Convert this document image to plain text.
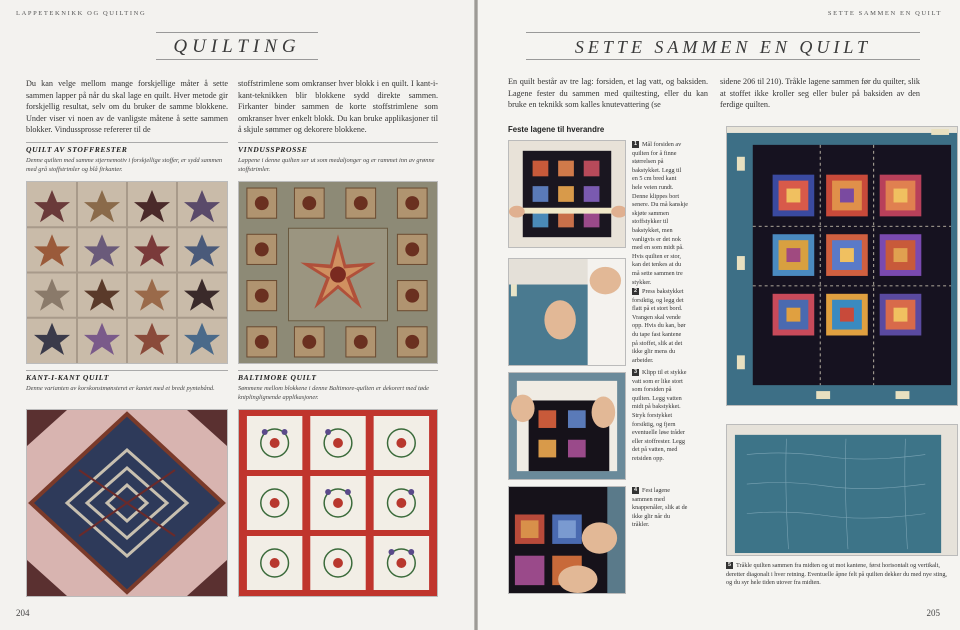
LAPPETEKNIKK OG QUILTING
QUILTING
Du kan velge mellom mange forskjellige måter å sette sammen lapper på når du skal lage en quilt. Hver metode gir forskjellig resultat, selv om du bruker de samme blokkene. Under viser vi noen av de vanligste måtene å sette sammen blokker. Vindussprosse refererer til de
stoffstrimlene som omkranser hver blokk i en quilt. I kant-i-kant-teknikken blir blokkene sydd direkte sammen. Firkanter binder sammen de korte stoffstrimlene som omkranser hver enkelt blokk. Du kan bruke applikasjoner til å skjule sømmer og dekorere blokkene.
QUILT AV STOFFRESTER
Denne quilten med samme stjernemotiv i forskjellige stoffer, er sydd sammen med grå stoffstrimler og blå firkanter.
VINDUSSPROSSE
Lappene i denne quilten ser ut som medaljonger og er rammet inn av grønne stoffstrimler.
KANT-I-KANT QUILT
Denne varianten av korskonstmønsteret er kantet med et bredt pyntebånd.
BALTIMORE QUILT
Sømmene mellom blokkene i denne Baltimore-quilten er dekorert med tøde kniplinglignende applikasjoner.
204
SETTE SAMMEN EN QUILT
SETTE SAMMEN EN QUILT
En quilt består av tre lag: forsiden, et lag vatt, og baksiden. Lagene fester du sammen med quiltesting, eller du kan bruke en teknikk som kalles knutevattering (se
sidene 206 til 210). Tråkle lagene sammen før du quilter, slik at stoffet ikke kroller seg eller buler på baksiden av den ferdige quilten.
Feste lagene til hverandre
1 Mål forsiden av quilten for å finne størrelsen på bakstykket. Legg til en 5 cm bred kant hele veien rundt. Denne klippes bort senere. Du må kanskje skjøte sammen stoffstykker til bakstykket, men vanligvis er det nok med en som midt på. Hvis quilten er stor, kan det tenkes at du må sette sammen tre stykker.
2 Press bakstykket forsiktig, og legg det flatt på et stort bord. Vrangen skal vende opp. Hvis du kan, bør du tape fast kantene på stoffet, slik at det ikke glir mens du arbeider.
3 Klipp til et stykke vatt som er like stort som forsiden på quilten. Legg vatten midt på bakstykket. Stryk forstykket forsiktig, og fjern eventuelle løse tråder eller stoffrester. Legg det på vatten, med retsiden opp.
4 Fest lagene sammen med knappenåler, slik at de ikke glir når du tråkler.
5 Tråkle quilten sammen fra midten og ut mot kantene, først horisontalt og vertikalt, deretter diagonalt i hver retning. Eventuelle åpne felt på quilten dekker du med nye sting, og du syr hele tiden utover fra midten.
205
